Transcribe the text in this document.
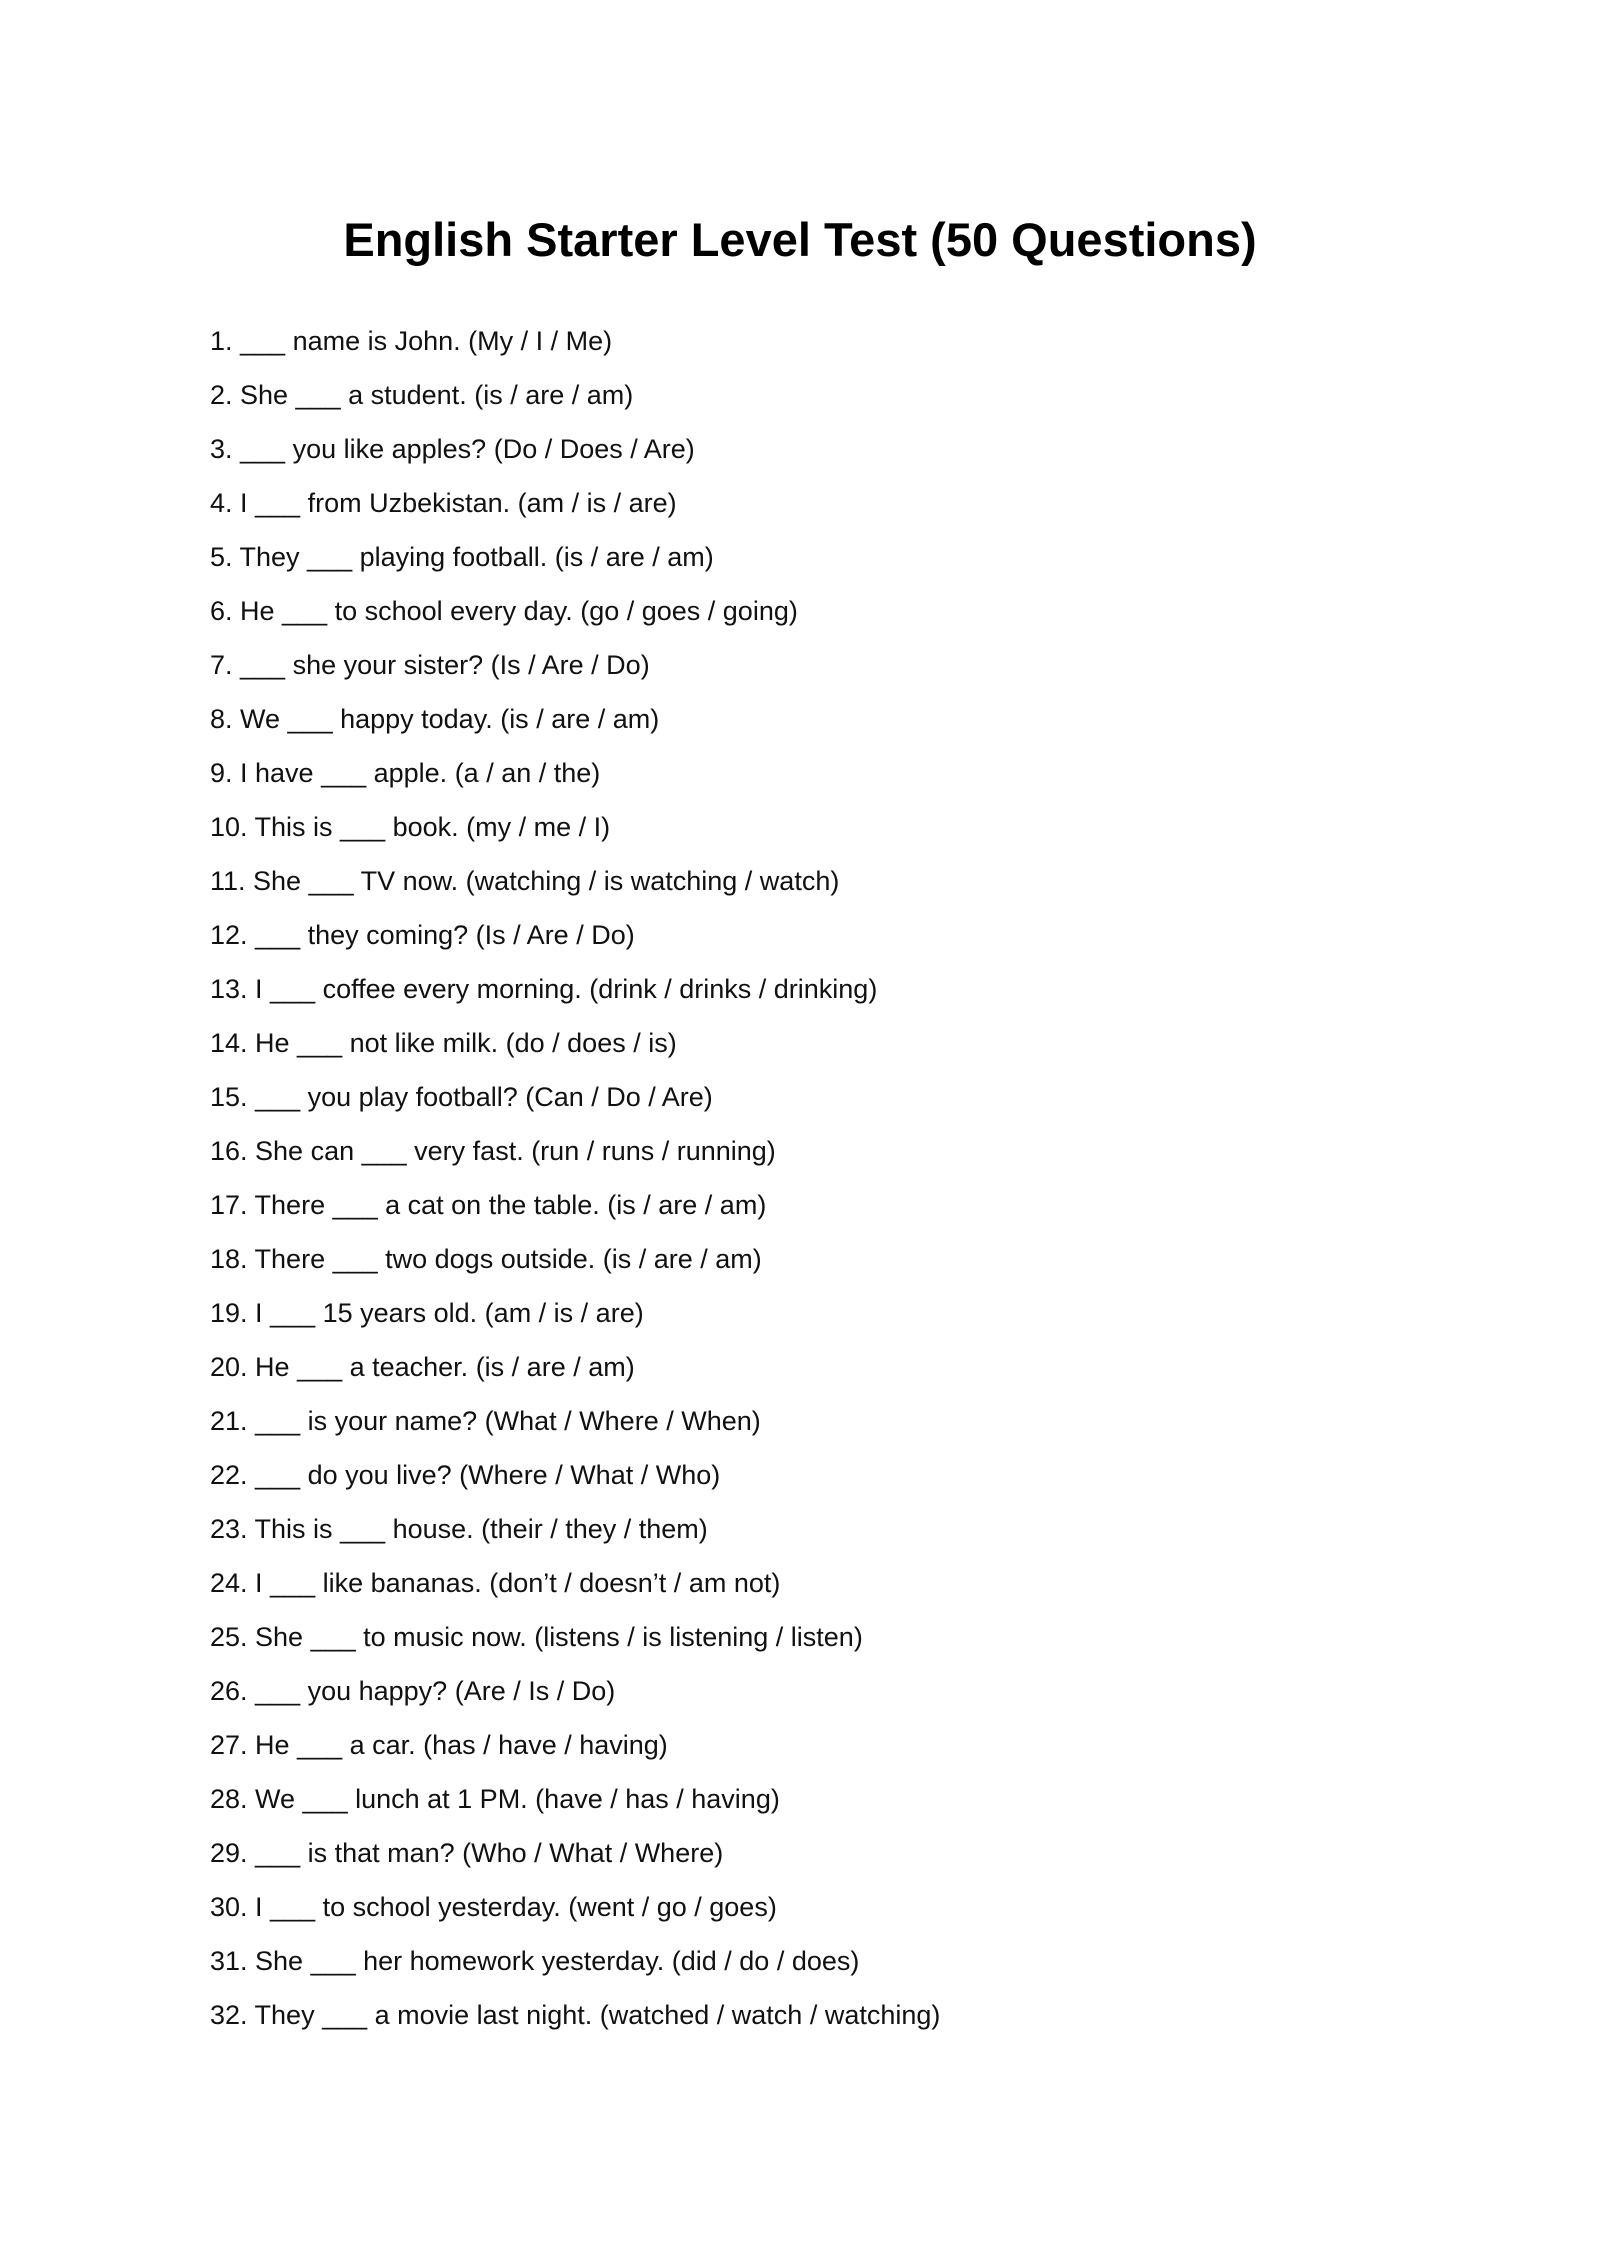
English Starter Level Test (50 Questions)
1. ___ name is John. (My / I / Me)
2. She ___ a student. (is / are / am)
3. ___ you like apples? (Do / Does / Are)
4. I ___ from Uzbekistan. (am / is / are)
5. They ___ playing football. (is / are / am)
6. He ___ to school every day. (go / goes / going)
7. ___ she your sister? (Is / Are / Do)
8. We ___ happy today. (is / are / am)
9. I have ___ apple. (a / an / the)
10. This is ___ book. (my / me / I)
11. She ___ TV now. (watching / is watching / watch)
12. ___ they coming? (Is / Are / Do)
13. I ___ coffee every morning. (drink / drinks / drinking)
14. He ___ not like milk. (do / does / is)
15. ___ you play football? (Can / Do / Are)
16. She can ___ very fast. (run / runs / running)
17. There ___ a cat on the table. (is / are / am)
18. There ___ two dogs outside. (is / are / am)
19. I ___ 15 years old. (am / is / are)
20. He ___ a teacher. (is / are / am)
21. ___ is your name? (What / Where / When)
22. ___ do you live? (Where / What / Who)
23. This is ___ house. (their / they / them)
24. I ___ like bananas. (don’t / doesn’t / am not)
25. She ___ to music now. (listens / is listening / listen)
26. ___ you happy? (Are / Is / Do)
27. He ___ a car. (has / have / having)
28. We ___ lunch at 1 PM. (have / has / having)
29. ___ is that man? (Who / What / Where)
30. I ___ to school yesterday. (went / go / goes)
31. She ___ her homework yesterday. (did / do / does)
32. They ___ a movie last night. (watched / watch / watching)
